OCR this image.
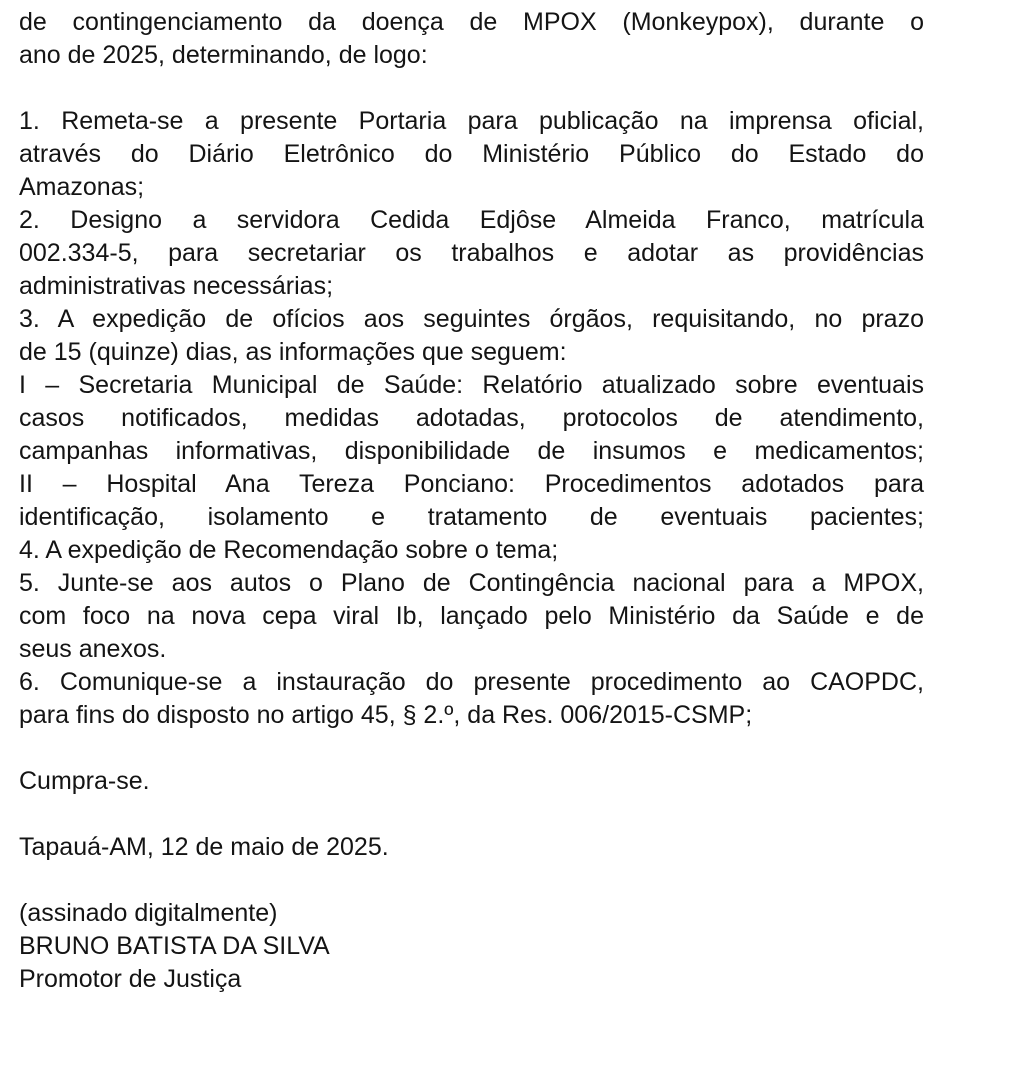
de contingenciamento da doença de MPOX (Monkeypox), durante o
ano de 2025, determinando, de logo:
1. Remeta-se a presente Portaria para publicação na imprensa oficial,
através do Diário Eletrônico do Ministério Público do Estado do
Amazonas;
2. Designo a servidora Cedida Edjôse Almeida Franco, matrícula
002.334-5, para secretariar os trabalhos e adotar as providências
administrativas necessárias;
3. A expedição de ofícios aos seguintes órgãos, requisitando, no prazo
de 15 (quinze) dias, as informações que seguem:
I – Secretaria Municipal de Saúde: Relatório atualizado sobre eventuais
casos notificados, medidas adotadas, protocolos de atendimento,
campanhas informativas, disponibilidade de insumos e medicamentos;
II – Hospital Ana Tereza Ponciano: Procedimentos adotados para
identificação, isolamento e tratamento de eventuais pacientes;
4. A expedição de Recomendação sobre o tema;
5. Junte-se aos autos o Plano de Contingência nacional para a MPOX,
com foco na nova cepa viral Ib, lançado pelo Ministério da Saúde e de
seus anexos.
6. Comunique-se a instauração do presente procedimento ao CAOPDC,
para fins do disposto no artigo 45, § 2.º, da Res. 006/2015-CSMP;
Cumpra-se.
Tapauá-AM, 12 de maio de 2025.
(assinado digitalmente)
BRUNO BATISTA DA SILVA
Promotor de Justiça
